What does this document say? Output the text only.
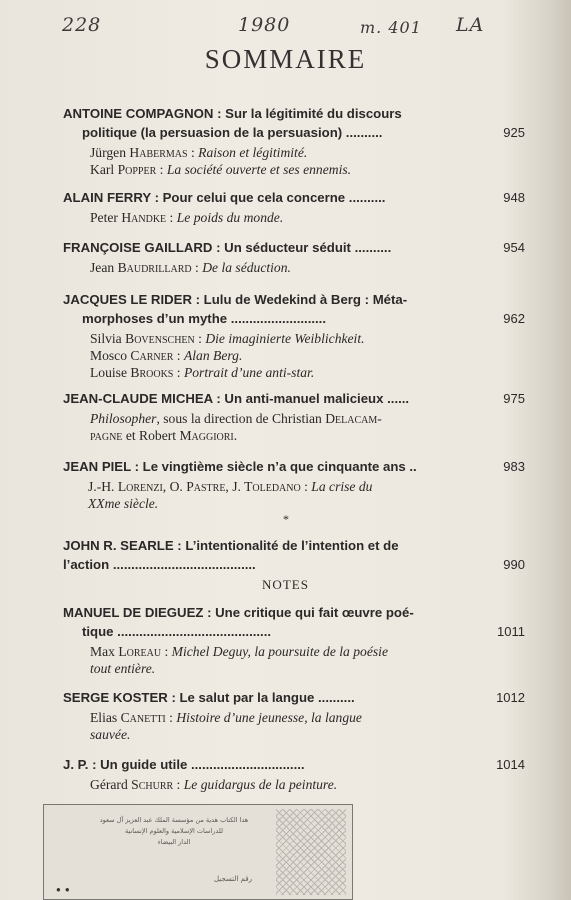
228	1980	m. 401 LA
SOMMAIRE
ANTOINE COMPAGNON : Sur la légitimité du discours
politique (la persuasion de la persuasion) ..........	925
Jürgen Habermas : Raison et légitimité.
Karl Popper : La société ouverte et ses ennemis.
ALAIN FERRY : Pour celui que cela concerne ..........	948
Peter Handke : Le poids du monde.
FRANÇOISE GAILLARD : Un séducteur séduit ..........	954
Jean Baudrillard : De la séduction.
JACQUES LE RIDER : Lulu de Wedekind à Berg : Méta-
morphoses d’un mythe ..........................	962
Silvia Bovenschen : Die imaginierte Weiblichkeit.
Mosco Carner : Alan Berg.
Louise Brooks : Portrait d’une anti-star.
JEAN-CLAUDE MICHEA : Un anti-manuel malicieux ......	975
Philosopher, sous la direction de Christian Delacam-
pagne et Robert Maggiori.
JEAN PIEL : Le vingtième siècle n’a que cinquante ans ..	983
J.-H. Lorenzi, O. Pastre, J. Toledano : La crise du
XXme siècle.
*
JOHN R. SEARLE : L’intentionalité de l’intention et de
l’action .......................................	990
NOTES
MANUEL DE DIEGUEZ : Une critique qui fait œuvre poé-
tique ..........................................	1011
Max Loreau : Michel Deguy, la poursuite de la poésie
tout entière.
SERGE KOSTER : Le salut par la langue ..........	1012
Elias Canetti : Histoire d’une jeunesse, la langue
sauvée.
J. P. : Un guide utile ...............................	1014
Gérard Schurr : Le guidargus de la peinture.
هدا الكتاب هدية من مؤسسة الملك عبد العزيز آل سعود
للدراسات الإسلامية والعلوم الإنسانية
الدار البيضاء
رقم التسجيل
●  ●
